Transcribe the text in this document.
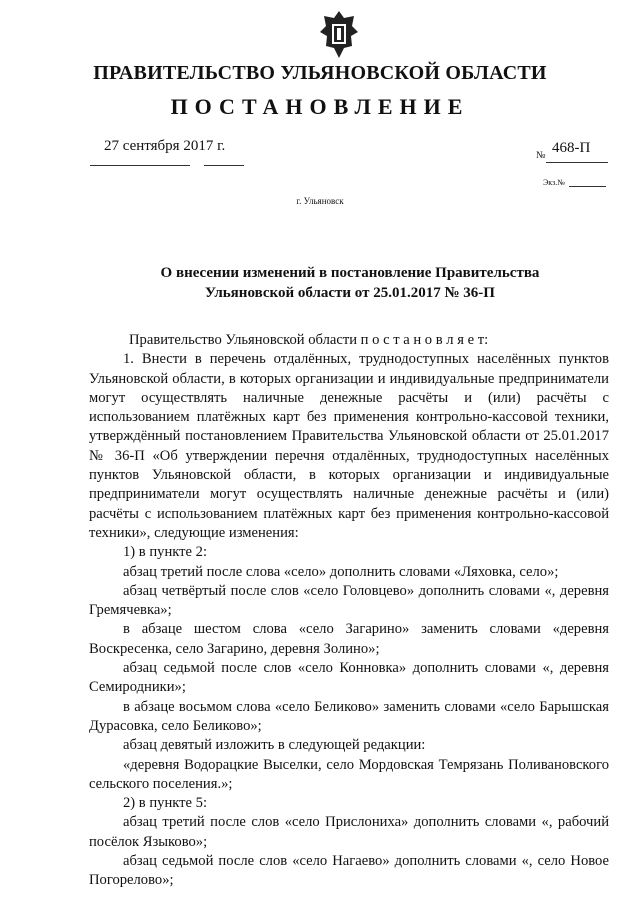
ПРАВИТЕЛЬСТВО УЛЬЯНОВСКОЙ ОБЛАСТИ
ПОСТАНОВЛЕНИЕ
27 сентября 2017 г.
№ 468-П
Экз.№
г. Ульяновск
О внесении изменений в постановление Правительства
Ульяновской области от 25.01.2017 № 36-П

Правительство Ульяновской области п о с т а н о в л я е т:

1. Внести в перечень отдалённых, труднодоступных населённых пунктов Ульяновской области, в которых организации и индивидуальные предприниматели могут осуществлять наличные денежные расчёты и (или) расчёты с использованием платёжных карт без применения контрольно-кассовой техники, утверждённый постановлением Правительства Ульяновской области от 25.01.2017 № 36-П «Об утверждении перечня отдалённых, труднодоступных населённых пунктов Ульяновской области, в которых организации и индивидуальные предприниматели могут осуществлять наличные денежные расчёты и (или) расчёты с использованием платёжных карт без применения контрольно-кассовой техники», следующие изменения:

1) в пункте 2:

абзац третий после слова «село» дополнить словами «Ляховка, село»;

абзац четвёртый после слов «село Головцево» дополнить словами «, деревня Гремячевка»;

в абзаце шестом слова «село Загарино» заменить словами «деревня Воскресенка, село Загарино, деревня Золино»;

абзац седьмой после слов «село Конновка» дополнить словами «, деревня Семиродники»;

в абзаце восьмом слова «село Беликово» заменить словами «село Барышская Дурасовка, село Беликово»;

абзац девятый изложить в следующей редакции:

«деревня Водорацкие Выселки, село Мордовская Темрязань Поливановского сельского поселения.»;

2) в пункте 5:

абзац третий после слов «село Прислониха» дополнить словами «, рабочий посёлок Языково»;

абзац седьмой после слов «село Нагаево» дополнить словами «, село Новое Погорелово»;
